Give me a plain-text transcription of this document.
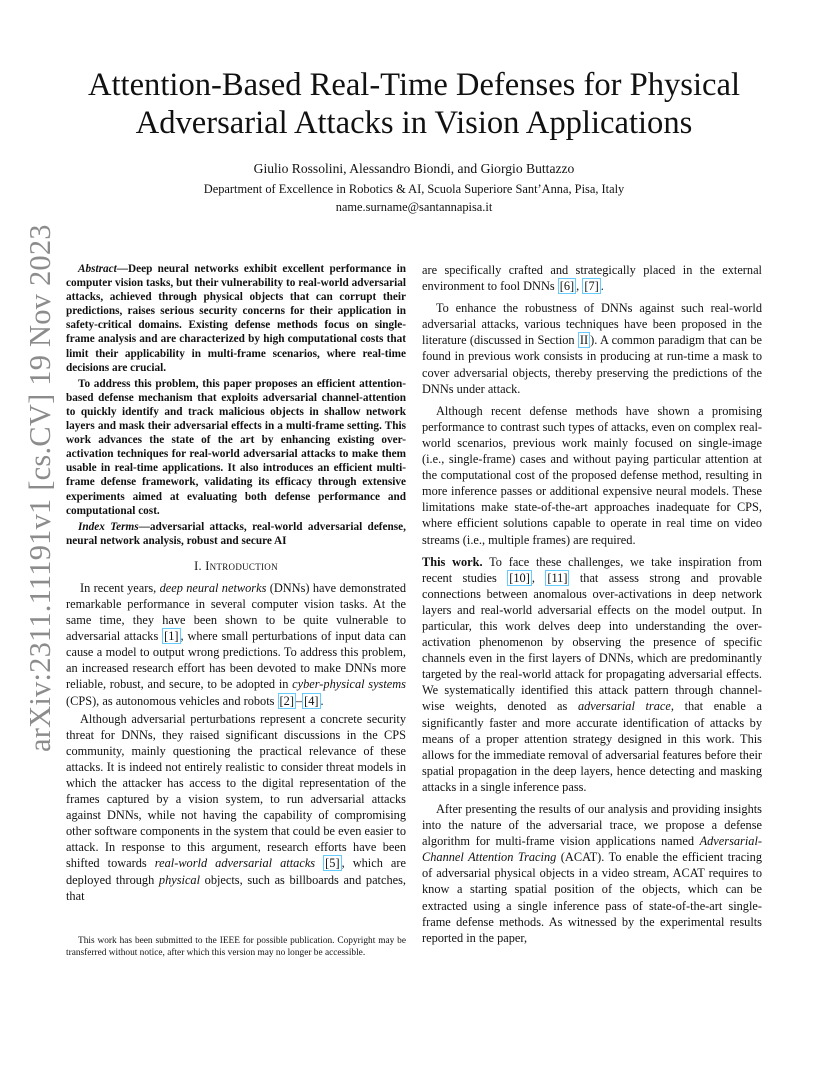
arXiv:2311.11191v1 [cs.CV] 19 Nov 2023
Attention-Based Real-Time Defenses for Physical
Adversarial Attacks in Vision Applications
Giulio Rossolini, Alessandro Biondi, and Giorgio Buttazzo
Department of Excellence in Robotics & AI, Scuola Superiore Sant’Anna, Pisa, Italy
name.surname@santannapisa.it

Abstract—Deep neural networks exhibit excellent performance in computer vision tasks, but their vulnerability to real-world adversarial attacks, achieved through physical objects that can corrupt their predictions, raises serious security concerns for their application in safety-critical domains. Existing defense methods focus on single-frame analysis and are characterized by high computational costs that limit their applicability in multi-frame scenarios, where real-time decisions are crucial.

To address this problem, this paper proposes an efficient attention-based defense mechanism that exploits adversarial channel-attention to quickly identify and track malicious objects in shallow network layers and mask their adversarial effects in a multi-frame setting. This work advances the state of the art by enhancing existing over-activation techniques for real-world adversarial attacks to make them usable in real-time applications. It also introduces an efficient multi-frame defense framework, validating its efficacy through extensive experiments aimed at evaluating both defense performance and computational cost.

Index Terms—adversarial attacks, real-world adversarial defense, neural network analysis, robust and secure AI

I. Introduction

In recent years, deep neural networks (DNNs) have demonstrated remarkable performance in several computer vision tasks. At the same time, they have been shown to be quite vulnerable to adversarial attacks [1] , where small perturbations of input data can cause a model to output wrong predictions. To address this problem, an increased research effort has been devoted to make DNNs more reliable, robust, and secure, to be adopted in cyber-physical systems (CPS), as autonomous vehicles and robots [2] – [4] .

Although adversarial perturbations represent a concrete security threat for DNNs, they raised significant discussions in the CPS community, mainly questioning the practical relevance of these attacks. It is indeed not entirely realistic to consider threat models in which the attacker has access to the digital representation of the frames captured by a vision system, to run adversarial attacks against DNNs, while not having the capability of compromising other software components in the system that could be even easier to attack. In response to this argument, research efforts have been shifted towards real-world adversarial attacks [5] , which are deployed through physical objects, such as billboards and patches, that

This work has been submitted to the IEEE for possible publication. Copyright may be transferred without notice, after which this version may no longer be accessible.

are specifically crafted and strategically placed in the external environment to fool DNNs [6] , [7] .

To enhance the robustness of DNNs against such real-world adversarial attacks, various techniques have been proposed in the literature (discussed in Section II ). A common paradigm that can be found in previous work consists in producing at run-time a mask to cover adversarial objects, thereby preserving the predictions of the DNNs under attack.

Although recent defense methods have shown a promising performance to contrast such types of attacks, even on complex real-world scenarios, previous work mainly focused on single-image (i.e., single-frame) cases and without paying particular attention at the computational cost of the proposed defense method, resulting in more inference passes or additional expensive neural models. These limitations make state-of-the-art approaches inadequate for CPS, where efficient solutions capable to operate in real time on video streams (i.e., multiple frames) are required.

This work. To face these challenges, we take inspiration from recent studies [10] , [11] that assess strong and provable connections between anomalous over-activations in deep network layers and real-world adversarial effects on the model output. In particular, this work delves deep into understanding the over-activation phenomenon by observing the presence of specific channels even in the first layers of DNNs, which are predominantly targeted by the real-world attack for propagating adversarial effects. We systematically identified this attack pattern through channel-wise weights, denoted as adversarial trace, that enable a significantly faster and more accurate identification of attacks by means of a proper attention strategy designed in this work. This allows for the immediate removal of adversarial features before their spatial propagation in the deep layers, hence detecting and masking attacks in a single inference pass.

After presenting the results of our analysis and providing insights into the nature of the adversarial trace, we propose a defense algorithm for multi-frame vision applications named Adversarial-Channel Attention Tracing (ACAT). To enable the efficient tracing of adversarial physical objects in a video stream, ACAT requires to know a starting spatial position of the objects, which can be extracted using a single inference pass of state-of-the-art single-frame defense methods. As witnessed by the experimental results reported in the paper,
